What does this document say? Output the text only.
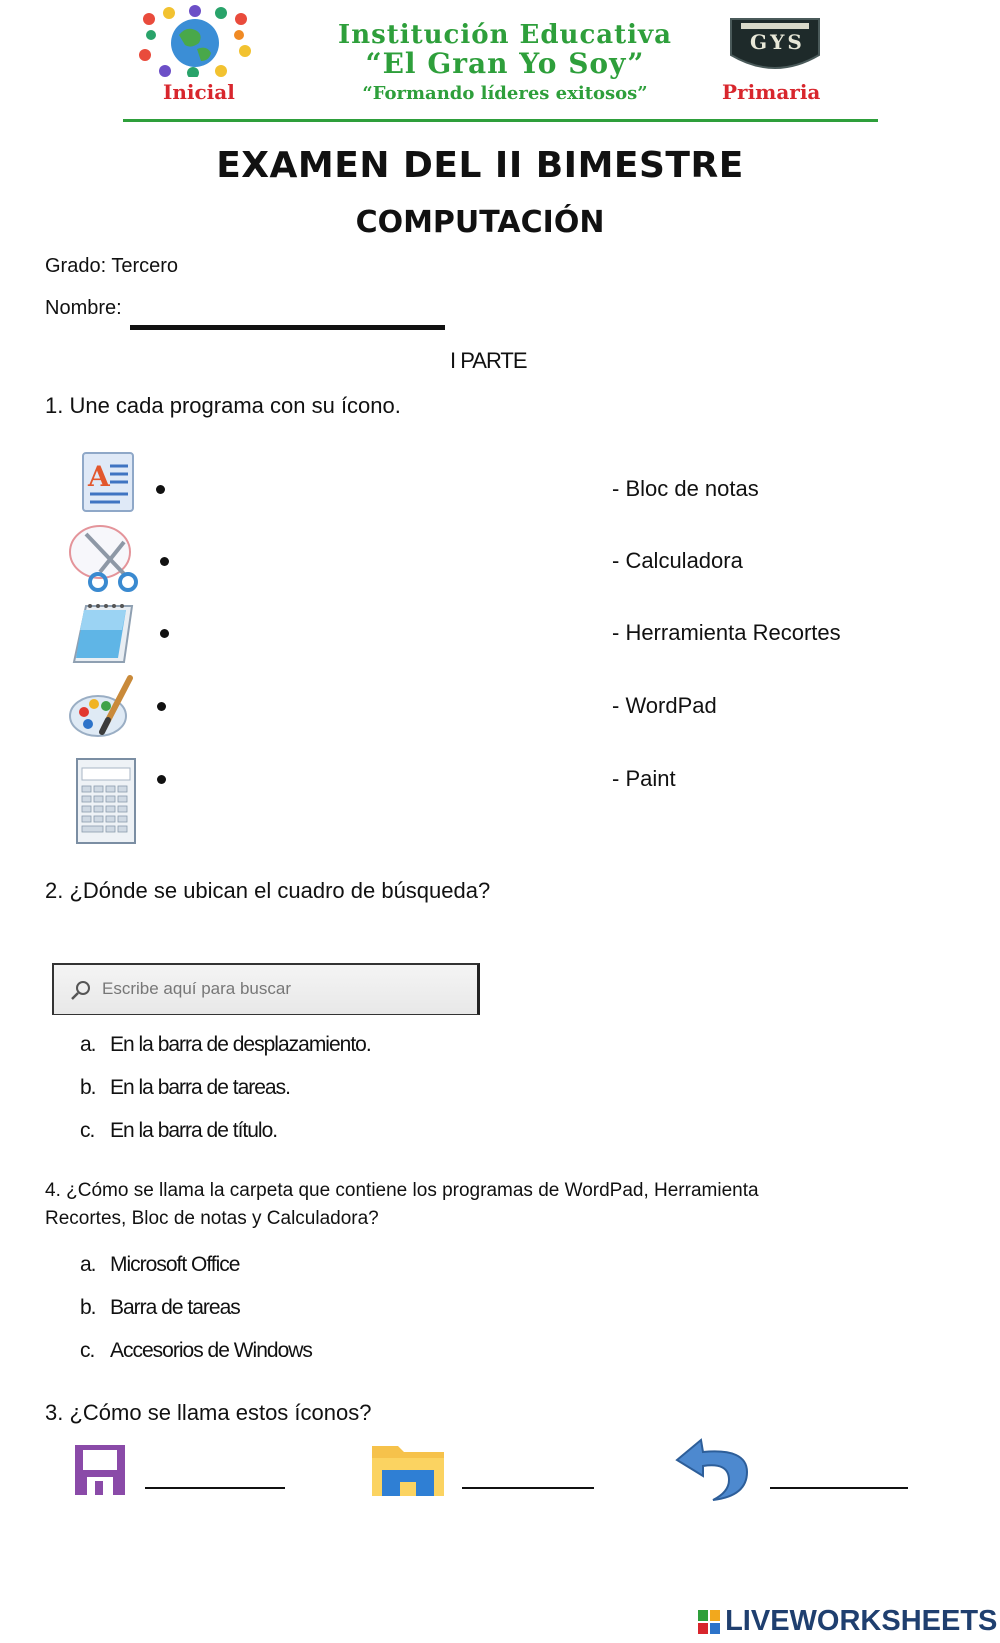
Inicial
Institución Educativa
“El Gran Yo Soy”
“Formando líderes exitosos”
GYS
Primaria
EXAMEN DEL II BIMESTRE
COMPUTACIÓN
Grado: Tercero
Nombre:
I PARTE
1. Une cada programa con su ícono.
A	- Bloc de notas
- Calculadora
- Herramienta Recortes
- WordPad
- Paint
2. ¿Dónde se ubican el cuadro de búsqueda?
Escribe aquí para buscar
a. En la barra de desplazamiento.
b. En la barra de tareas.
c. En la barra de título.
4. ¿Cómo se llama la carpeta que contiene los programas de WordPad, Herramienta
Recortes, Bloc de notas y Calculadora?
a. Microsoft Office
b. Barra de tareas
c. Accesorios de Windows
3. ¿Cómo se llama estos íconos?
LIVEWORKSHEETS
